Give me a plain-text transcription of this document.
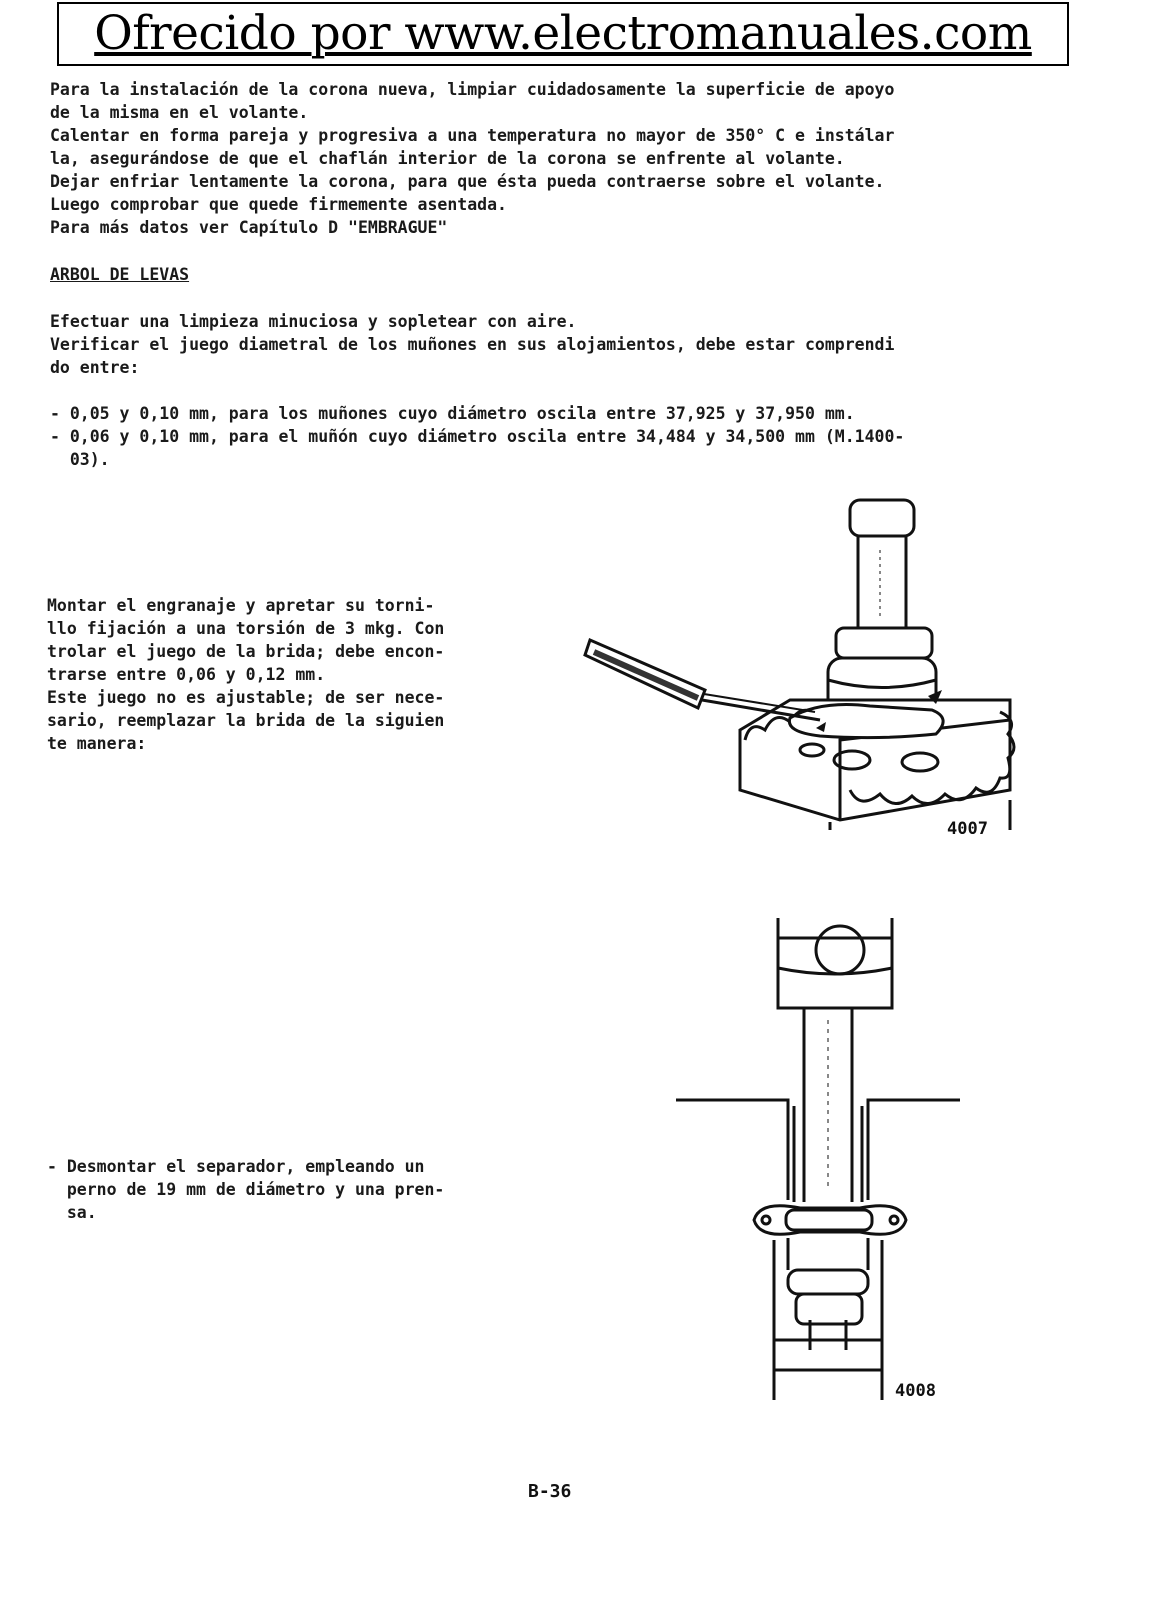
Ofrecido por www.electromanuales.com
Para la instalación de la corona nueva, limpiar cuidadosamente la superficie de apoyo
de la misma en el volante.
Calentar en forma pareja y progresiva a una temperatura no mayor de 350° C e instálar
la, asegurándose de que el chaflán interior de la corona se enfrente al volante.
Dejar enfriar lentamente la corona, para que ésta pueda contraerse sobre el volante.
Luego comprobar que quede firmemente asentada.
Para más datos ver Capítulo D "EMBRAGUE"
ARBOL DE LEVAS
Efectuar una limpieza minuciosa y sopletear con aire.
Verificar el juego diametral de los muñones en sus alojamientos, debe estar comprendi
do entre:
- 0,05 y 0,10 mm, para los muñones cuyo diámetro oscila entre 37,925 y 37,950 mm.
- 0,06 y 0,10 mm, para el muñón cuyo diámetro oscila entre 34,484 y 34,500 mm (M.1400-
03).
Montar el engranaje y apretar su torni-
llo fijación a una torsión de 3 mkg. Con
trolar el juego de la brida; debe encon-
trarse entre 0,06 y 0,12 mm.
Este juego no es ajustable; de ser nece-
sario, reemplazar la brida de la siguien
te manera:
4007
- Desmontar el separador, empleando un
perno de 19 mm de diámetro y una pren-
sa.
4008
B-36
